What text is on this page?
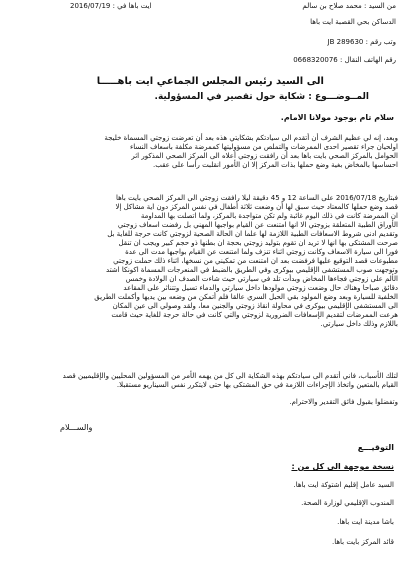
من السيد : محمد صلاح بن سالم
2016/07/19 : ايت باها في
الدساكن بحي القصبة ايت باها
وتب رقم : JB 289630
رقم الهاتف النقال : 0668320076
الى السيد رئيس المجلس الجماعي ايت باهـــــا
المــوضـــوع : شكاية حول تقصير في المسؤولية.
سلام تام بوجود مولانا الامام.
وبعد، إنه لي عظيم الشرف أن أتقدم الى سيادتكم بشكايتي هذه بعد أن تعرضت زوجتي المسماة خليجة
اولحيان جراء تقصير احدى الممرضات والتملص من مسؤوليتها كممرضة مكلفة باسعاف النساء
الحوامل بالمركز الصحي بايت باها بعد أن رافقت زوجتي أعلاه الى المركز الصحي المذكور اثر
احساسها بالمخاض بغية وضع حملها بذات المركز إلا ان الأمور انقلبت رأسا على عقب.
فبتاريخ 2016/07/18 على الساعة 12 و 45 دقيقة ليلا رافقت زوجتي الى المركز الصحي بايت باها
قصد وضع حملها كالمعتاد حيث سبق لها أن وضعت ثلاثة أطفال في نفس المركز دون اية مشاكل إلا
ان الممرضة كانت في ذلك اليوم غائبة ولم تكن متواجدة بالمركز، ولما اتصلت بها المداومة
الأوراق الطبية المتعلقة بزوجتي الا انها امتنعت عن القيام بواجبها المهني بل رفضت اسعاف زوجتي
وتقديم ادنى شروط الاسعافات الطبية اللازمة لها علما ان الحالة الصحية لزوجتي كانت حرجة للغاية بل
صرحت المشتكى بها انها لا تريد ان تقوم بتوليد زوجتي بحجة ان بطنها ذو حجم كبير ويجب ان تنقل
فورا الى سيارة الاسعاف وكانت زوجتي اثناء تنزف ولما امتنعت عن القيام بواجبها مدت الى عدة
مطبوعات قصد التوقيع عليها فرفضت بعد ان امتنعت من تمكيني من نسخها، اثناء ذلك حملت زوجتي
وتوجهت صوب المستشفى الإقليمي بيوكرى وفي الطريق بالضبط في المنعرجات المسماة اكونكا اشتد
الألم على زوجتي فجاءها المخاض وبدأت تلد في سيارتي حيث شاءت الصدف ان الولادة وخمس
دقائق صباحا وهناك حال وضعت زوجتي مولودها داخل سيارتي والدماء تسيل وتتناثر على المقاعد
الخلفية للسيارة وبعد وضع المولود بقي الحبل السري عالقا فلم أتمكن من وضعه بين يديها وأكملت الطريق
الى المستشفى الإقليمي بيوكرى في محاولة انقاذ زوجتي والجنين معا، ولقد وصولي الى عين المكان
هرعت الممرضات لتقديم الإسعافات الضرورية لزوجتي والتي كانت في حالة حرجة للغاية حيث قامت
باللازم وذلك داخل سيارتي.
لتلك الأسباب، فاني أتقدم الى سيادتكم بهذه الشكاية الى كل من يهمه الأمر من المسؤولين المحليين والإقليميين قصد
القيام بالمتعين واتخاذ الإجراءات اللازمة في حق المشتكى بها حتى لايتكرر نفس السيناريو مستقبلا.
وتفضلوا بقبول فائق التقدير والاحترام.
والســـلام
التوقيـــع
نسخة موجهة الى كل من :
السيد عامل إقليم اشتوكة ايت باها.
المندوب الإقليمي لوزارة الصحة.
باشا مدينة ايت باها.
قائد المركز بايت باها.
